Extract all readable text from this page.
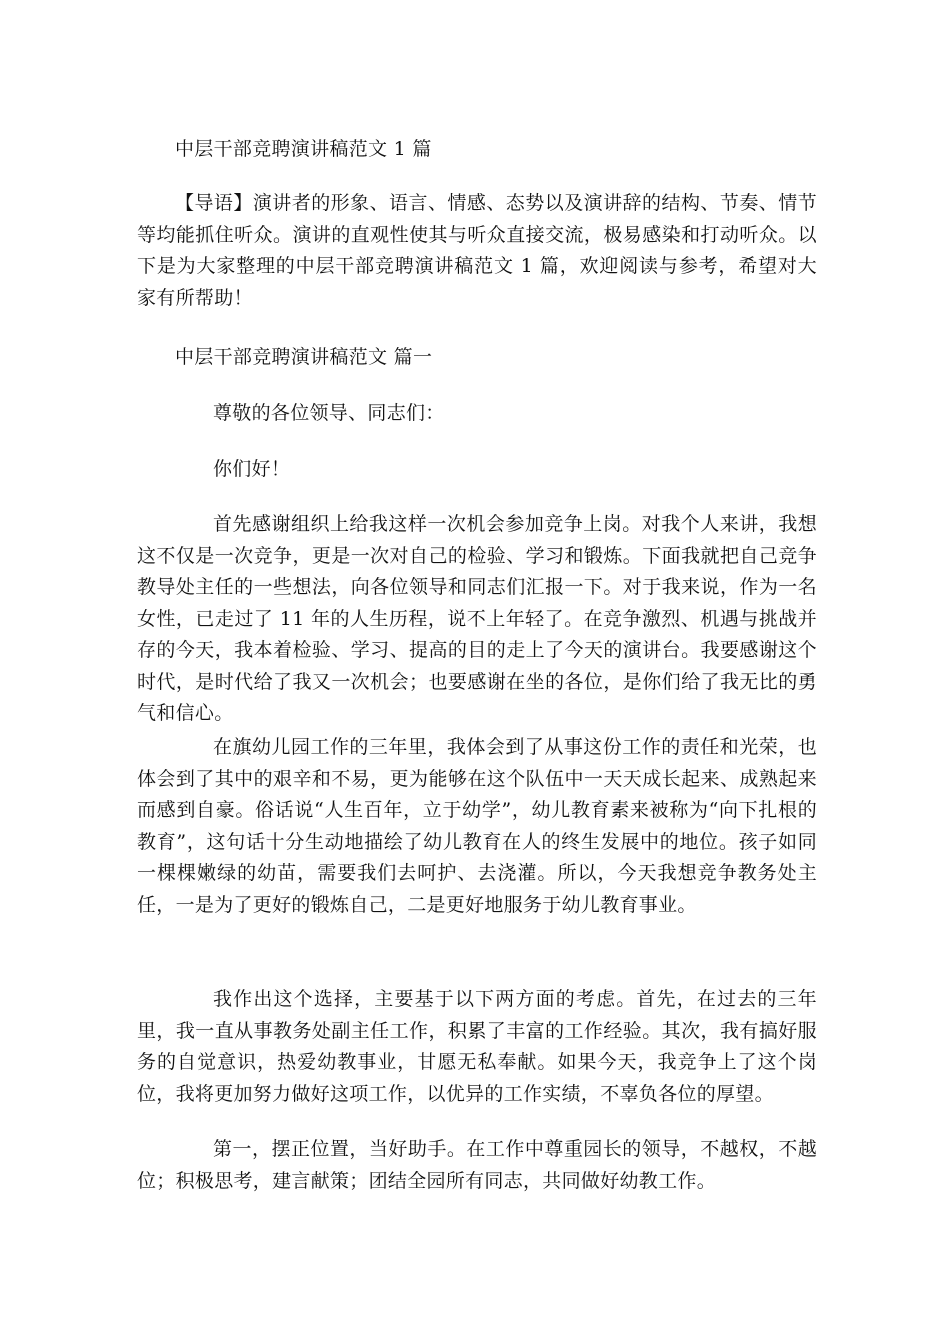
中层干部竞聘演讲稿范文 1 篇

【导语】演讲者的形象、语言、情感、态势以及演讲辞的结构、节奏、情节等均能抓住听众。演讲的直观性使其与听众直接交流，极易感染和打动听众。以下是为大家整理的中层干部竞聘演讲稿范文 1 篇，欢迎阅读与参考，希望对大家有所帮助！

中层干部竞聘演讲稿范文 篇一

尊敬的各位领导、同志们：

你们好！

首先感谢组织上给我这样一次机会参加竞争上岗。对我个人来讲，我想这不仅是一次竞争，更是一次对自己的检验、学习和锻炼。下面我就把自己竞争教导处主任的一些想法，向各位领导和同志们汇报一下。对于我来说，作为一名女性，已走过了 11 年的人生历程，说不上年轻了。在竞争激烈、机遇与挑战并存的今天，我本着检验、学习、提高的目的走上了今天的演讲台。我要感谢这个时代，是时代给了我又一次机会；也要感谢在坐的各位，是你们给了我无比的勇气和信心。

在旗幼儿园工作的三年里，我体会到了从事这份工作的责任和光荣，也体会到了其中的艰辛和不易，更为能够在这个队伍中一天天成长起来、成熟起来而感到自豪。俗话说“人生百年，立于幼学”，幼儿教育素来被称为“向下扎根的教育”，这句话十分生动地描绘了幼儿教育在人的终生发展中的地位。孩子如同一棵棵嫩绿的幼苗，需要我们去呵护、去浇灌。所以，今天我想竞争教务处主任，一是为了更好的锻炼自己，二是更好地服务于幼儿教育事业。

我作出这个选择，主要基于以下两方面的考虑。首先，在过去的三年里，我一直从事教务处副主任工作，积累了丰富的工作经验。其次，我有搞好服务的自觉意识，热爱幼教事业，甘愿无私奉献。如果今天，我竞争上了这个岗位，我将更加努力做好这项工作，以优异的工作实绩，不辜负各位的厚望。

第一，摆正位置，当好助手。在工作中尊重园长的领导，不越权，不越位；积极思考，建言献策；团结全园所有同志，共同做好幼教工作。
